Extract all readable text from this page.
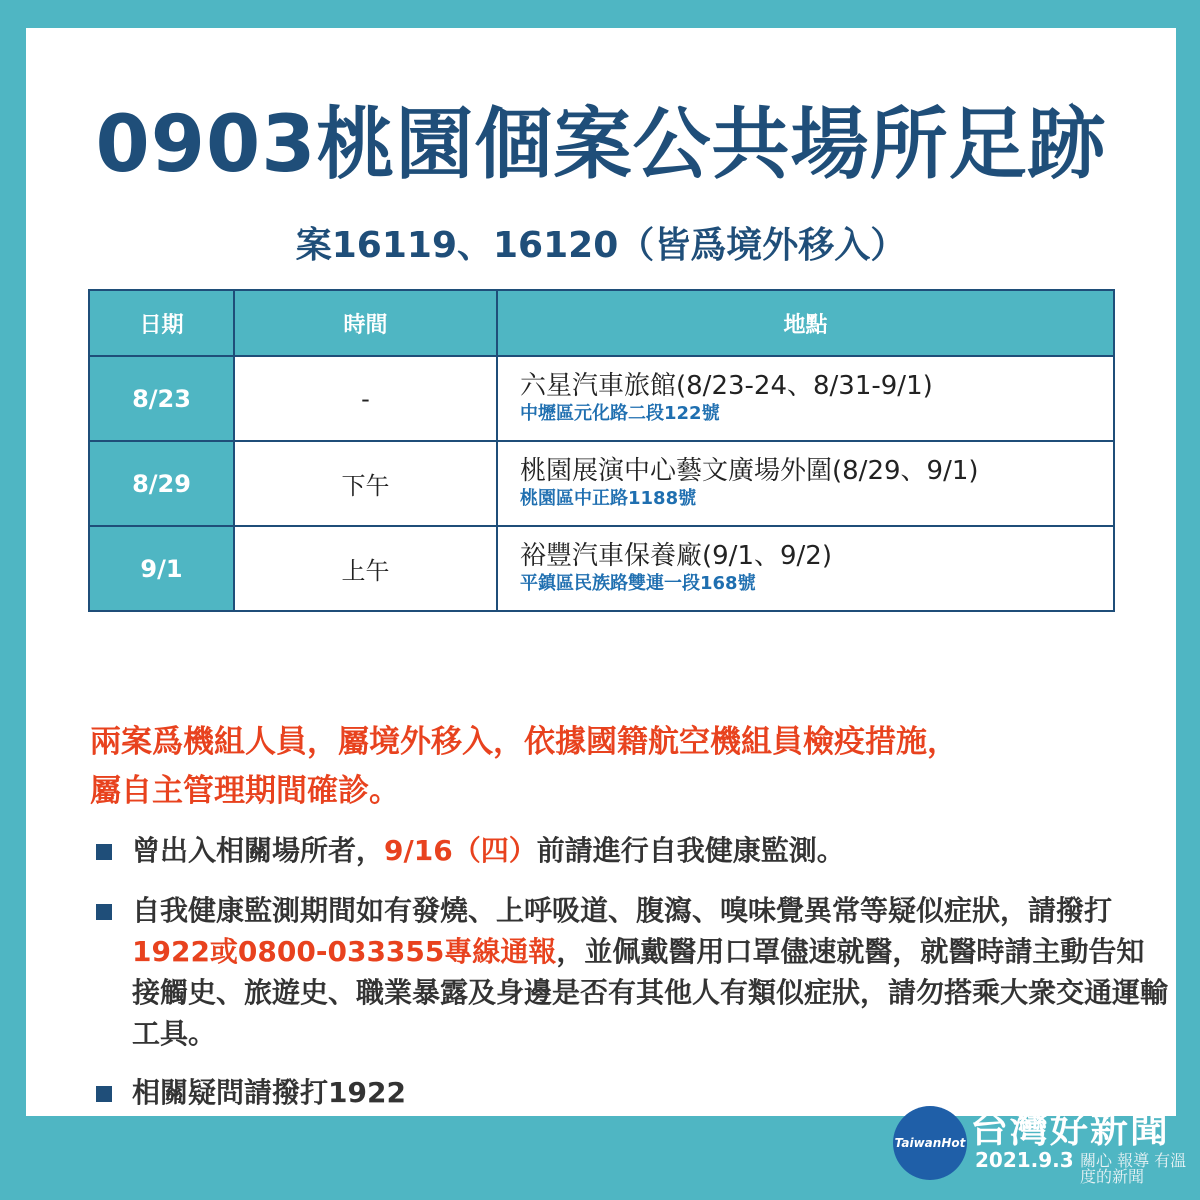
0903桃園個案公共場所足跡
案16119、16120（皆爲境外移入）
日期	時間	地點
8/23	-	六星汽車旅館(8/23-24、8/31-9/1)
中壢區元化路二段122號

8/29	下午	桃園展演中心藝文廣場外圍(8/29、9/1)
桃園區中正路1188號

9/1	上午	裕豐汽車保養廠(9/1、9/2)
平鎮區民族路雙連一段168號
兩案爲機組人員，屬境外移入，依據國籍航空機組員檢疫措施，
屬自主管理期間確診。
曾出入相關場所者，9/16（四）前請進行自我健康監測。
自我健康監測期間如有發燒、上呼吸道、腹瀉、嗅味覺異常等疑似症狀，請撥打1922或0800-033355專線通報，並佩戴醫用口罩儘速就醫，就醫時請主動告知接觸史、旅遊史、職業暴露及身邊是否有其他人有類似症狀，請勿搭乘大衆交通運輸工具。
相關疑問請撥打1922
TaiwanHot 台灣好新聞
2021.9.3 關心 報導 有溫度的新聞
